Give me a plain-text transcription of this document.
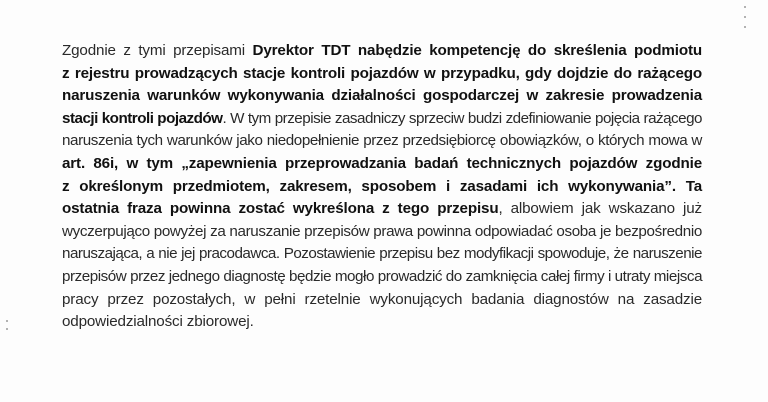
Zgodnie z tymi przepisami Dyrektor TDT nabędzie kompetencję do skreślenia podmiotu
z rejestru prowadzących stacje kontroli pojazdów w przypadku, gdy dojdzie do rażącego
naruszenia warunków wykonywania działalności gospodarczej w zakresie prowadzenia
stacji kontroli pojazdów. W tym przepisie zasadniczy sprzeciw budzi zdefiniowanie pojęcia rażącego
naruszenia tych warunków jako niedopełnienie przez przedsiębiorcę obowiązków, o których mowa w
art. 86i, w tym „zapewnienia przeprowadzania badań technicznych pojazdów zgodnie
z określonym przedmiotem, zakresem, sposobem i zasadami ich wykonywania”. Ta
ostatnia fraza powinna zostać wykreślona z tego przepisu, albowiem jak wskazano już
wyczerpująco powyżej za naruszanie przepisów prawa powinna odpowiadać osoba je bezpośrednio
naruszająca, a nie jej pracodawca. Pozostawienie przepisu bez modyfikacji spowoduje, że naruszenie
przepisów przez jednego diagnostę będzie mogło prowadzić do zamknięcia całej firmy i utraty miejsca
pracy przez pozostałych, w pełni rzetelnie wykonujących badania diagnostów na zasadzie
odpowiedzialności zbiorowej.
